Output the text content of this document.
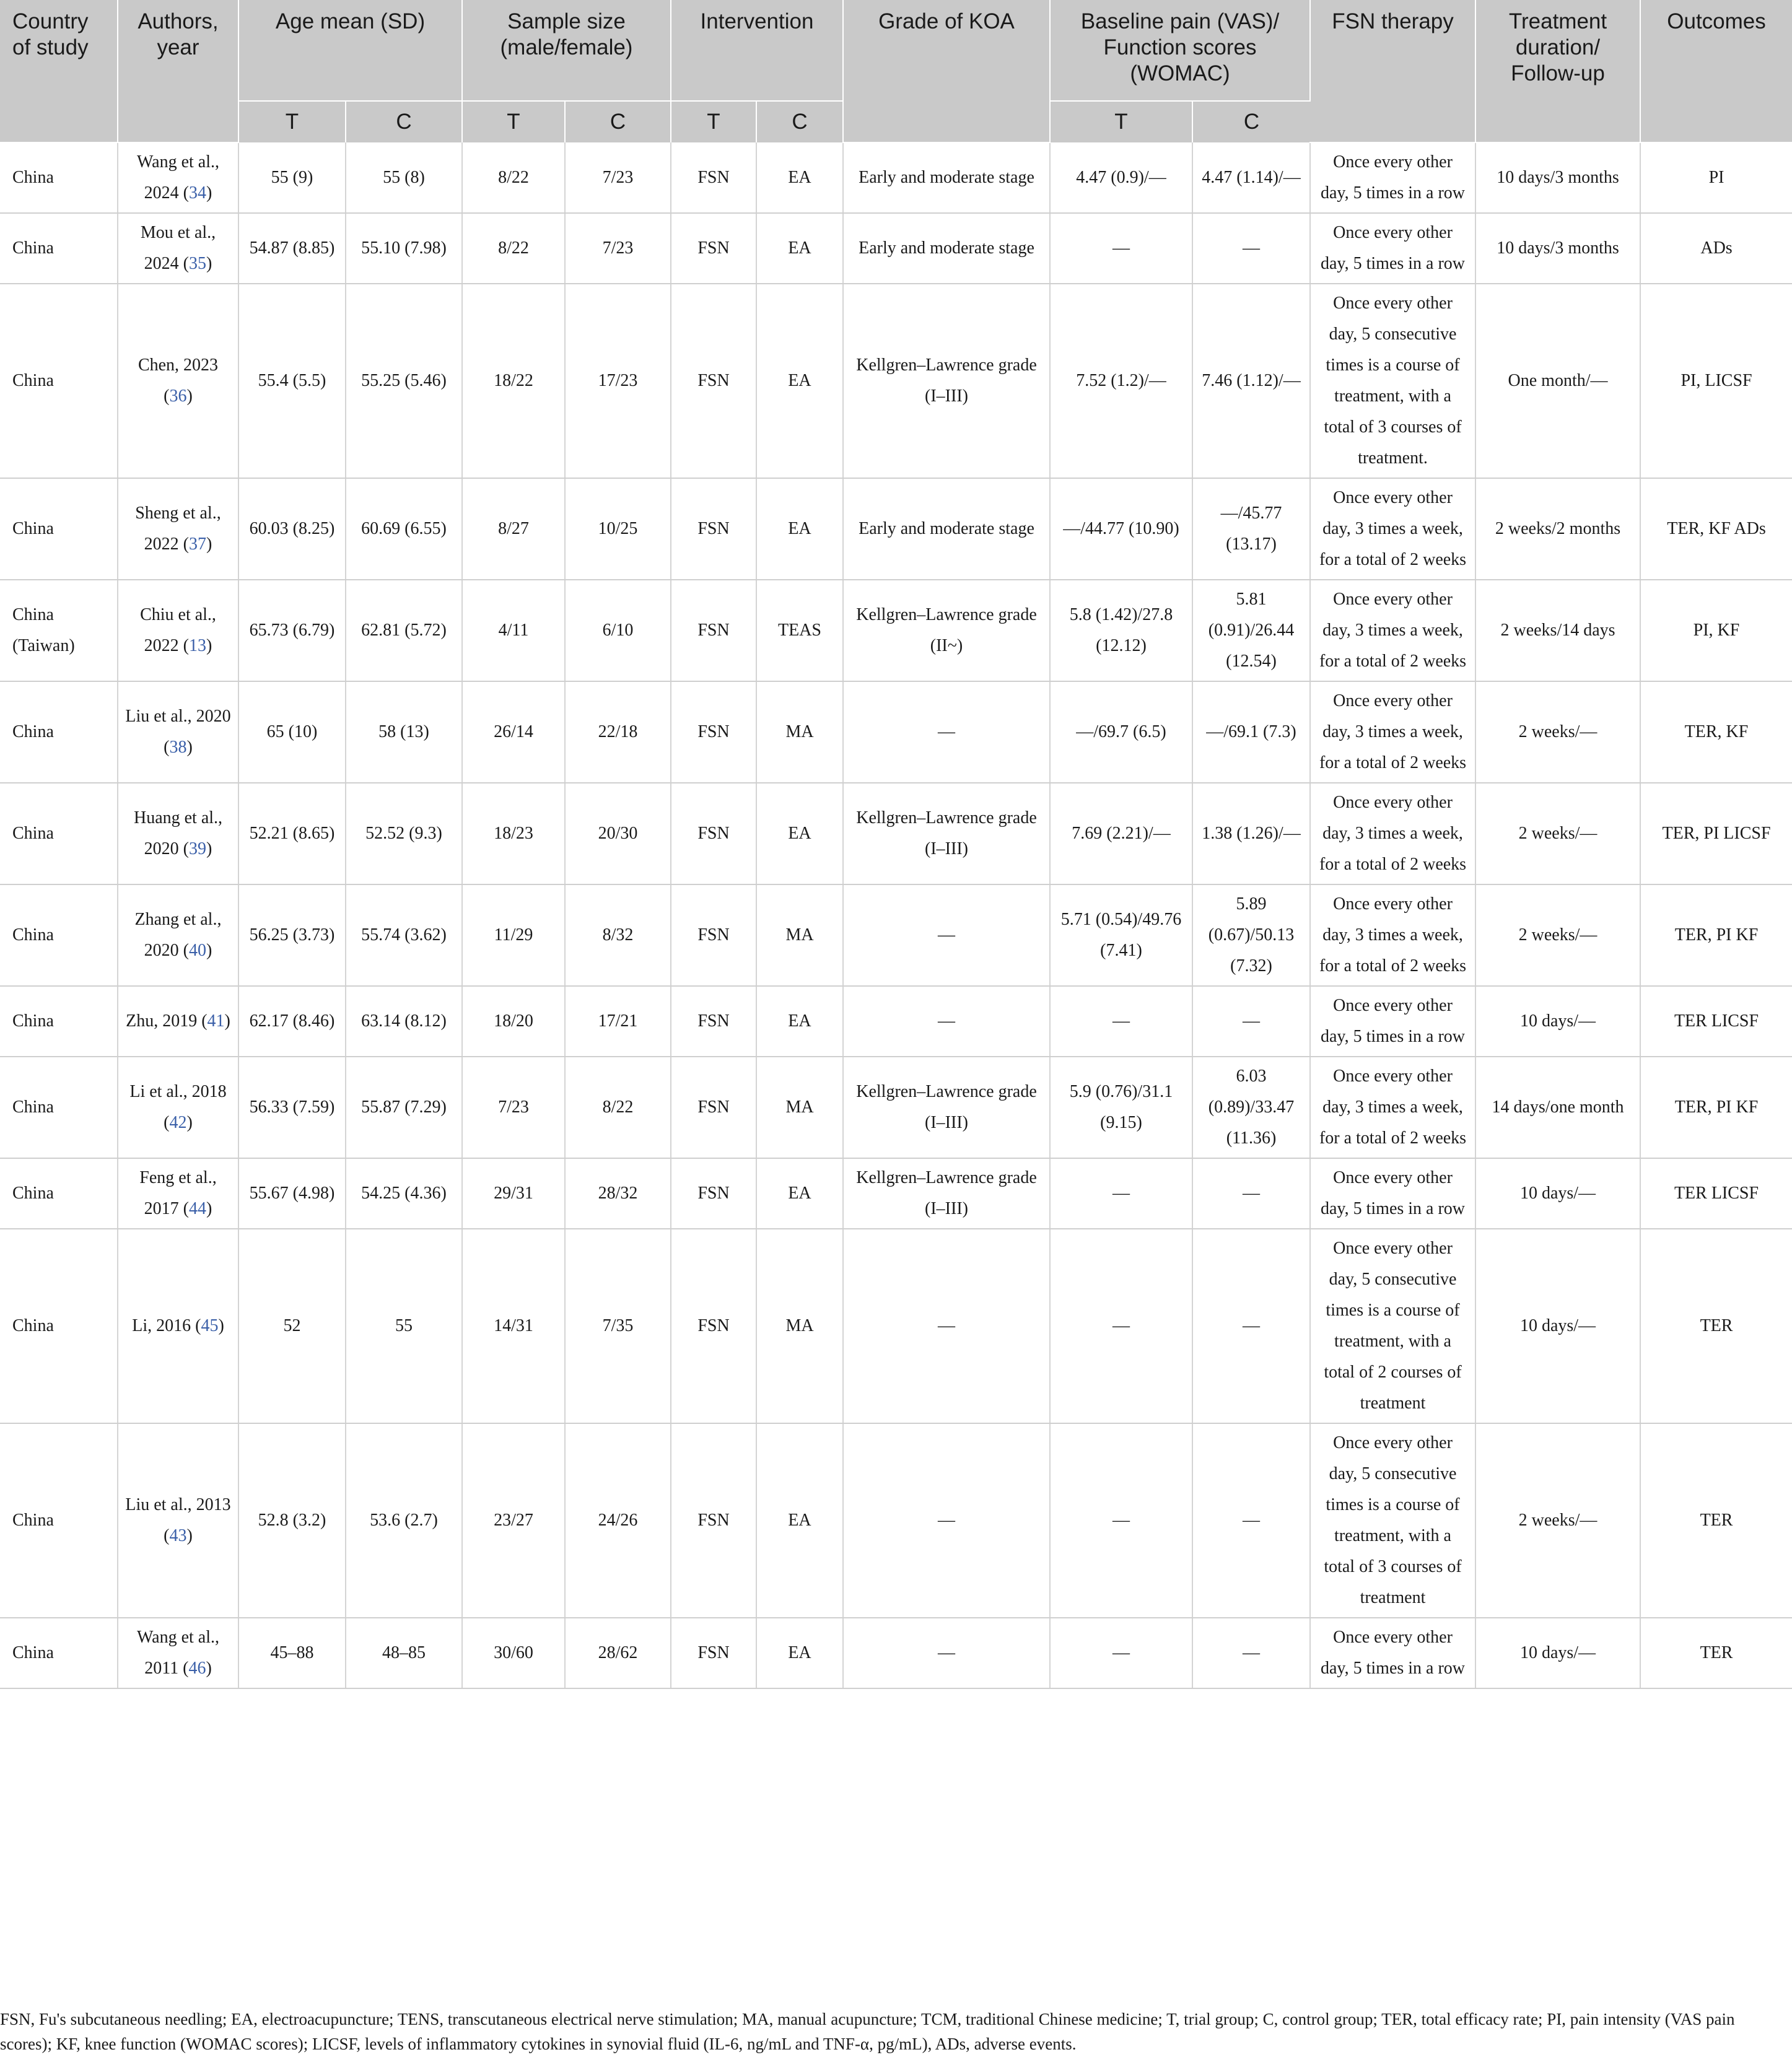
Country of study	Authors, year	Age mean (SD)		Sample size (male/female)		Intervention		Grade of KOA	Baseline pain (VAS)/ Function scores (WOMAC)		FSN therapy	Treatment duration/ Follow-up	Outcomes
		T	C	T	C	T	C		T	C			
China	Wang et al., 2024 (34)	55 (9)	55 (8)	8/22	7/23	FSN	EA	Early and moderate stage	4.47 (0.9)/—	4.47 (1.14)/—	Once every other day, 5 times in a row	10 days/3 months	PI
China	Mou et al., 2024 (35)	54.87 (8.85)	55.10 (7.98)	8/22	7/23	FSN	EA	Early and moderate stage	—	—	Once every other day, 5 times in a row	10 days/3 months	ADs
China	Chen, 2023 (36)	55.4 (5.5)	55.25 (5.46)	18/22	17/23	FSN	EA	Kellgren–Lawrence grade (I–III)	7.52 (1.2)/—	7.46 (1.12)/—	Once every other day, 5 consecutive times is a course of treatment, with a total of 3 courses of treatment.	One month/—	PI, LICSF
China	Sheng et al., 2022 (37)	60.03 (8.25)	60.69 (6.55)	8/27	10/25	FSN	EA	Early and moderate stage	—/44.77 (10.90)	—/45.77 (13.17)	Once every other day, 3 times a week, for a total of 2 weeks	2 weeks/2 months	TER, KF ADs
China (Taiwan)	Chiu et al., 2022 (13)	65.73 (6.79)	62.81 (5.72)	4/11	6/10	FSN	TEAS	Kellgren–Lawrence grade (II~)	5.8 (1.42)/27.8 (12.12)	5.81 (0.91)/26.44 (12.54)	Once every other day, 3 times a week, for a total of 2 weeks	2 weeks/14 days	PI, KF
China	Liu et al., 2020 (38)	65 (10)	58 (13)	26/14	22/18	FSN	MA	—	—/69.7 (6.5)	—/69.1 (7.3)	Once every other day, 3 times a week, for a total of 2 weeks	2 weeks/—	TER, KF
China	Huang et al., 2020 (39)	52.21 (8.65)	52.52 (9.3)	18/23	20/30	FSN	EA	Kellgren–Lawrence grade (I–III)	7.69 (2.21)/—	1.38 (1.26)/—	Once every other day, 3 times a week, for a total of 2 weeks	2 weeks/—	TER, PI LICSF
China	Zhang et al., 2020 (40)	56.25 (3.73)	55.74 (3.62)	11/29	8/32	FSN	MA	—	5.71 (0.54)/49.76 (7.41)	5.89 (0.67)/50.13 (7.32)	Once every other day, 3 times a week, for a total of 2 weeks	2 weeks/—	TER, PI KF
China	Zhu, 2019 (41)	62.17 (8.46)	63.14 (8.12)	18/20	17/21	FSN	EA	—	—	—	Once every other day, 5 times in a row	10 days/—	TER LICSF
China	Li et al., 2018 (42)	56.33 (7.59)	55.87 (7.29)	7/23	8/22	FSN	MA	Kellgren–Lawrence grade (I–III)	5.9 (0.76)/31.1 (9.15)	6.03 (0.89)/33.47 (11.36)	Once every other day, 3 times a week, for a total of 2 weeks	14 days/one month	TER, PI KF
China	Feng et al., 2017 (44)	55.67 (4.98)	54.25 (4.36)	29/31	28/32	FSN	EA	Kellgren–Lawrence grade (I–III)	—	—	Once every other day, 5 times in a row	10 days/—	TER LICSF
China	Li, 2016 (45)	52	55	14/31	7/35	FSN	MA	—	—	—	Once every other day, 5 consecutive times is a course of treatment, with a total of 2 courses of treatment	10 days/—	TER
China	Liu et al., 2013 (43)	52.8 (3.2)	53.6 (2.7)	23/27	24/26	FSN	EA	—	—	—	Once every other day, 5 consecutive times is a course of treatment, with a total of 3 courses of treatment	2 weeks/—	TER
China	Wang et al., 2011 (46)	45–88	48–85	30/60	28/62	FSN	EA	—	—	—	Once every other day, 5 times in a row	10 days/—	TER

FSN, Fu's subcutaneous needling; EA, electroacupuncture; TENS, transcutaneous electrical nerve stimulation; MA, manual acupuncture; TCM, traditional Chinese medicine; T, trial group; C, control group; TER, total efficacy rate; PI, pain intensity (VAS pain scores); KF, knee function (WOMAC scores); LICSF, levels of inflammatory cytokines in synovial fluid (IL-6, ng/mL and TNF-α, pg/mL), ADs, adverse events.
